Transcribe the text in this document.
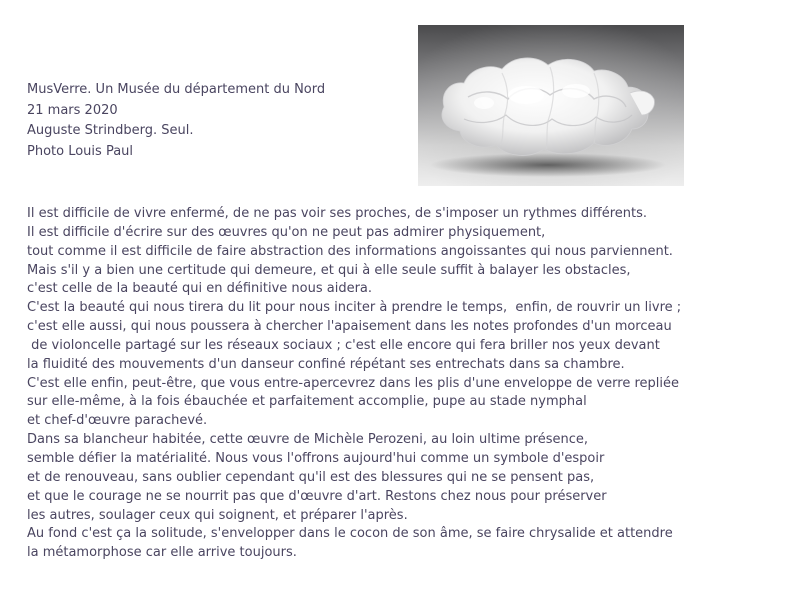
MusVerre. Un Musée du département du Nord
21 mars 2020
Auguste Strindberg. Seul.
Photo Louis Paul
Il est difficile de vivre enfermé, de ne pas voir ses proches, de s'imposer un rythmes différents.
Il est difficile d'écrire sur des œuvres qu'on ne peut pas admirer physiquement,
tout comme il est difficile de faire abstraction des informations angoissantes qui nous parviennent.
Mais s'il y a bien une certitude qui demeure, et qui à elle seule suffit à balayer les obstacles,
c'est celle de la beauté qui en définitive nous aidera.
C'est la beauté qui nous tirera du lit pour nous inciter à prendre le temps,  enfin, de rouvrir un livre ;
c'est elle aussi, qui nous poussera à chercher l'apaisement dans les notes profondes d'un morceau
de violoncelle partagé sur les réseaux sociaux ; c'est elle encore qui fera briller nos yeux devant
la fluidité des mouvements d'un danseur confiné répétant ses entrechats dans sa chambre.
C'est elle enfin, peut-être, que vous entre-apercevrez dans les plis d'une enveloppe de verre repliée
sur elle-même, à la fois ébauchée et parfaitement accomplie, pupe au stade nymphal
et chef-d'œuvre parachevé.
Dans sa blancheur habitée, cette œuvre de Michèle Perozeni, au loin ultime présence,
semble défier la matérialité. Nous vous l'offrons aujourd'hui comme un symbole d'espoir
et de renouveau, sans oublier cependant qu'il est des blessures qui ne se pensent pas,
et que le courage ne se nourrit pas que d'œuvre d'art. Restons chez nous pour préserver
les autres, soulager ceux qui soignent, et préparer l'après.
Au fond c'est ça la solitude, s'envelopper dans le cocon de son âme, se faire chrysalide et attendre
la métamorphose car elle arrive toujours.
